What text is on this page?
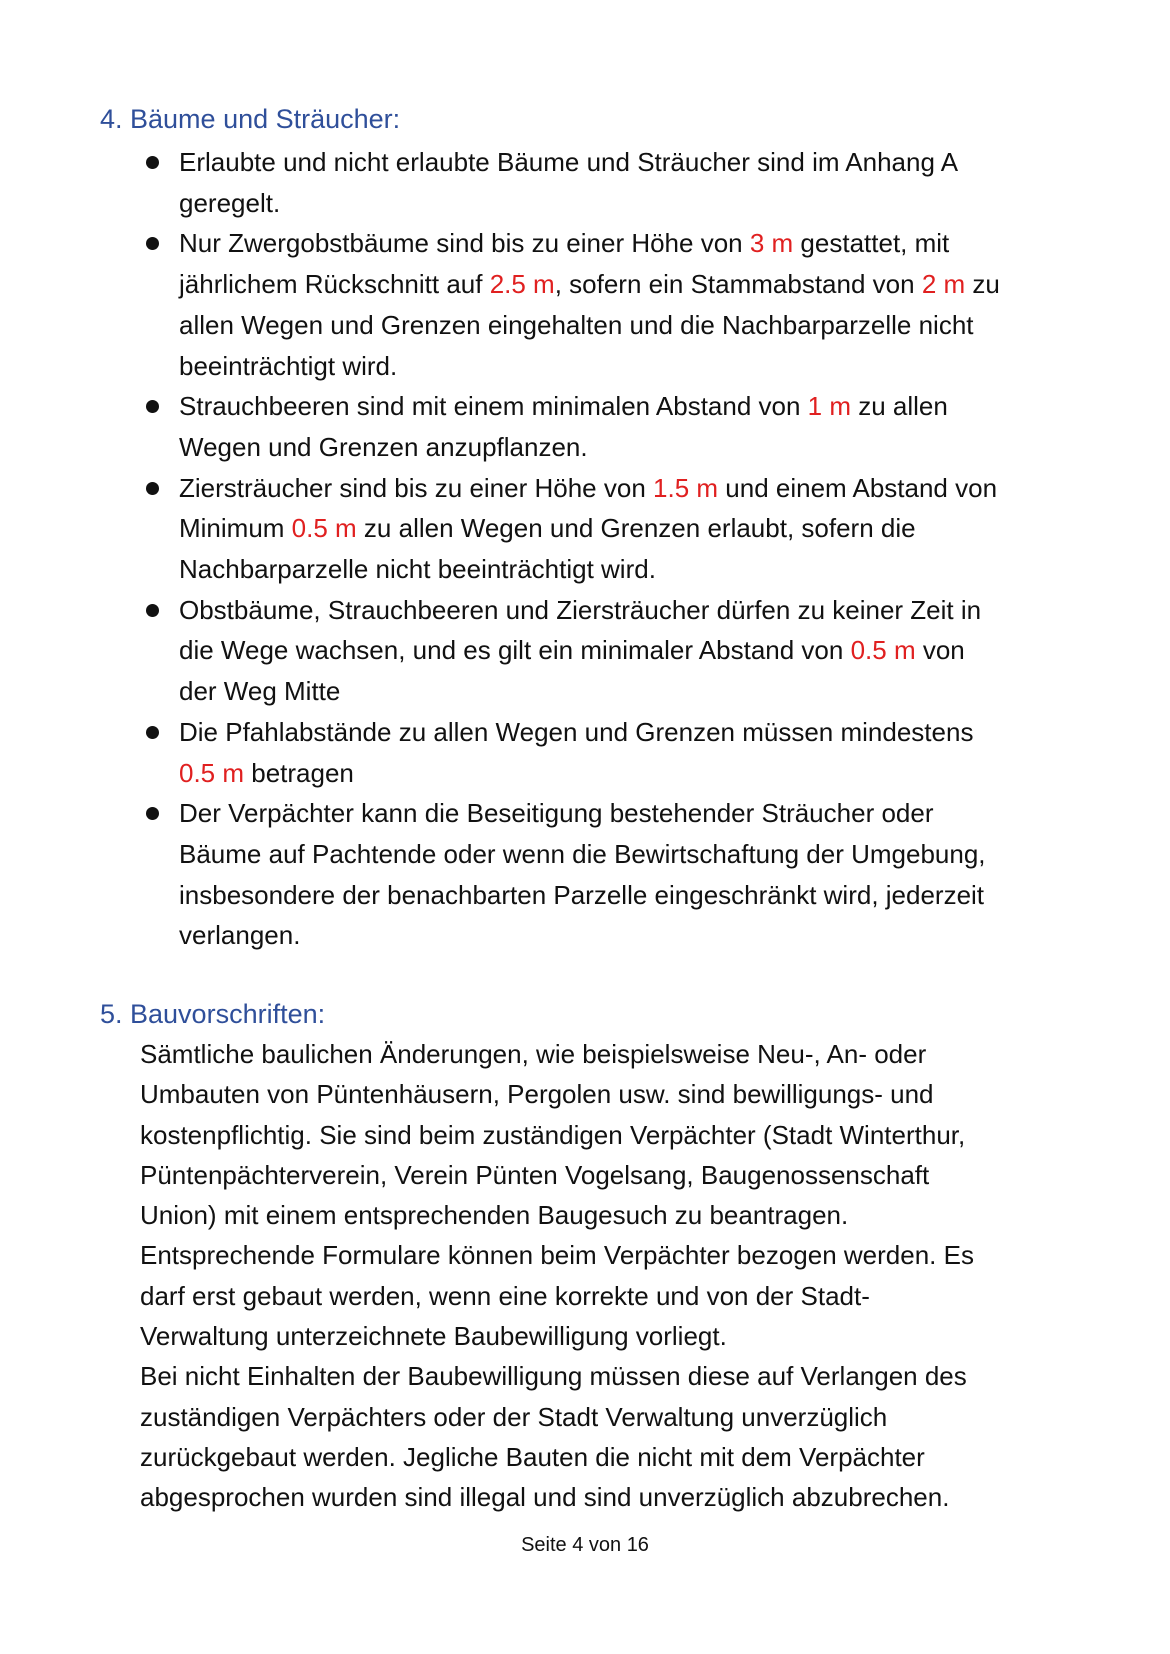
4. Bäume und Sträucher:
Erlaubte und nicht erlaubte Bäume und Sträucher sind im Anhang A
geregelt.
Nur Zwergobstbäume sind bis zu einer Höhe von 3 m gestattet, mit
jährlichem Rückschnitt auf 2.5 m, sofern ein Stammabstand von 2 m zu
allen Wegen und Grenzen eingehalten und die Nachbarparzelle nicht
beeinträchtigt wird.
Strauchbeeren sind mit einem minimalen Abstand von 1 m zu allen
Wegen und Grenzen anzupflanzen.
Ziersträucher sind bis zu einer Höhe von 1.5 m und einem Abstand von
Minimum 0.5 m zu allen Wegen und Grenzen erlaubt, sofern die
Nachbarparzelle nicht beeinträchtigt wird.
Obstbäume, Strauchbeeren und Ziersträucher dürfen zu keiner Zeit in
die Wege wachsen, und es gilt ein minimaler Abstand von 0.5 m von
der Weg Mitte
Die Pfahlabstände zu allen Wegen und Grenzen müssen mindestens
0.5 m betragen
Der Verpächter kann die Beseitigung bestehender Sträucher oder
Bäume auf Pachtende oder wenn die Bewirtschaftung der Umgebung,
insbesondere der benachbarten Parzelle eingeschränkt wird, jederzeit
verlangen.
5. Bauvorschriften:
Sämtliche baulichen Änderungen, wie beispielsweise Neu-, An- oder
Umbauten von Püntenhäusern, Pergolen usw. sind bewilligungs- und
kostenpflichtig. Sie sind beim zuständigen Verpächter (Stadt Winterthur,
Püntenpächterverein, Verein Pünten Vogelsang, Baugenossenschaft
Union) mit einem entsprechenden Baugesuch zu beantragen.
Entsprechende Formulare können beim Verpächter bezogen werden. Es
darf erst gebaut werden, wenn eine korrekte und von der Stadt-
Verwaltung unterzeichnete Baubewilligung vorliegt.
Bei nicht Einhalten der Baubewilligung müssen diese auf Verlangen des
zuständigen Verpächters oder der Stadt Verwaltung unverzüglich
zurückgebaut werden. Jegliche Bauten die nicht mit dem Verpächter
abgesprochen wurden sind illegal und sind unverzüglich abzubrechen.
Seite 4 von 16
